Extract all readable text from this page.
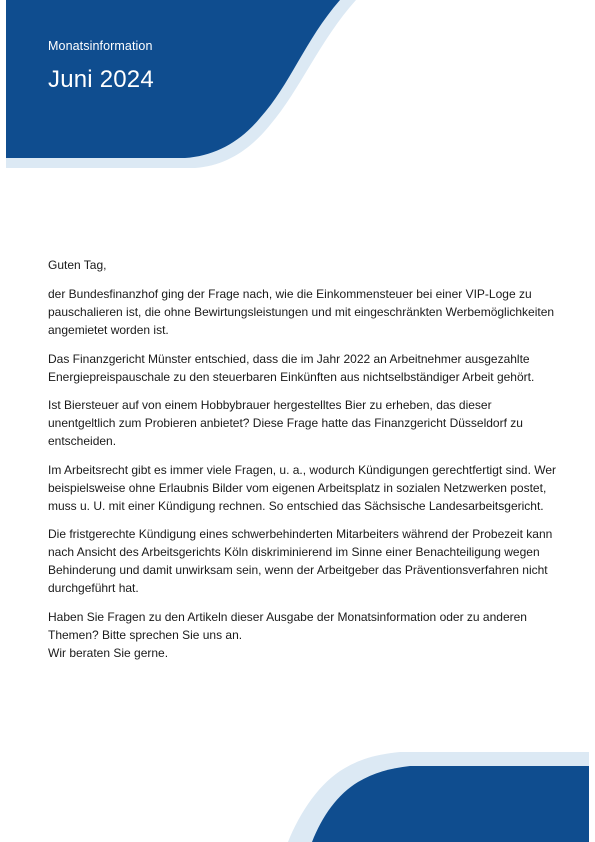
Monatsinformation
Juni 2024

Guten Tag,

der Bundesfinanzhof ging der Frage nach, wie die Einkommensteuer bei einer VIP-Loge zu pauschalieren ist, die ohne Bewirtungsleistungen und mit eingeschränkten Werbemöglichkeiten angemietet worden ist.

Das Finanzgericht Münster entschied, dass die im Jahr 2022 an Arbeitnehmer ausgezahlte Energiepreispauschale zu den steuerbaren Einkünften aus nichtselbständiger Arbeit gehört.

Ist Biersteuer auf von einem Hobbybrauer hergestelltes Bier zu erheben, das dieser unentgeltlich zum Probieren anbietet? Diese Frage hatte das Finanzgericht Düsseldorf zu entscheiden.

Im Arbeitsrecht gibt es immer viele Fragen, u. a., wodurch Kündigungen gerechtfertigt sind. Wer beispielsweise ohne Erlaubnis Bilder vom eigenen Arbeitsplatz in sozialen Netzwerken postet, muss u. U. mit einer Kündigung rechnen. So entschied das Sächsische Landesarbeitsgericht.

Die fristgerechte Kündigung eines schwerbehinderten Mitarbeiters während der Probezeit kann nach Ansicht des Arbeitsgerichts Köln diskriminierend im Sinne einer Benachteiligung wegen Behinderung und damit unwirksam sein, wenn der Arbeitgeber das Präventionsverfahren nicht durchgeführt hat.

Haben Sie Fragen zu den Artikeln dieser Ausgabe der Monatsinformation oder zu anderen Themen? Bitte sprechen Sie uns an.
Wir beraten Sie gerne.
